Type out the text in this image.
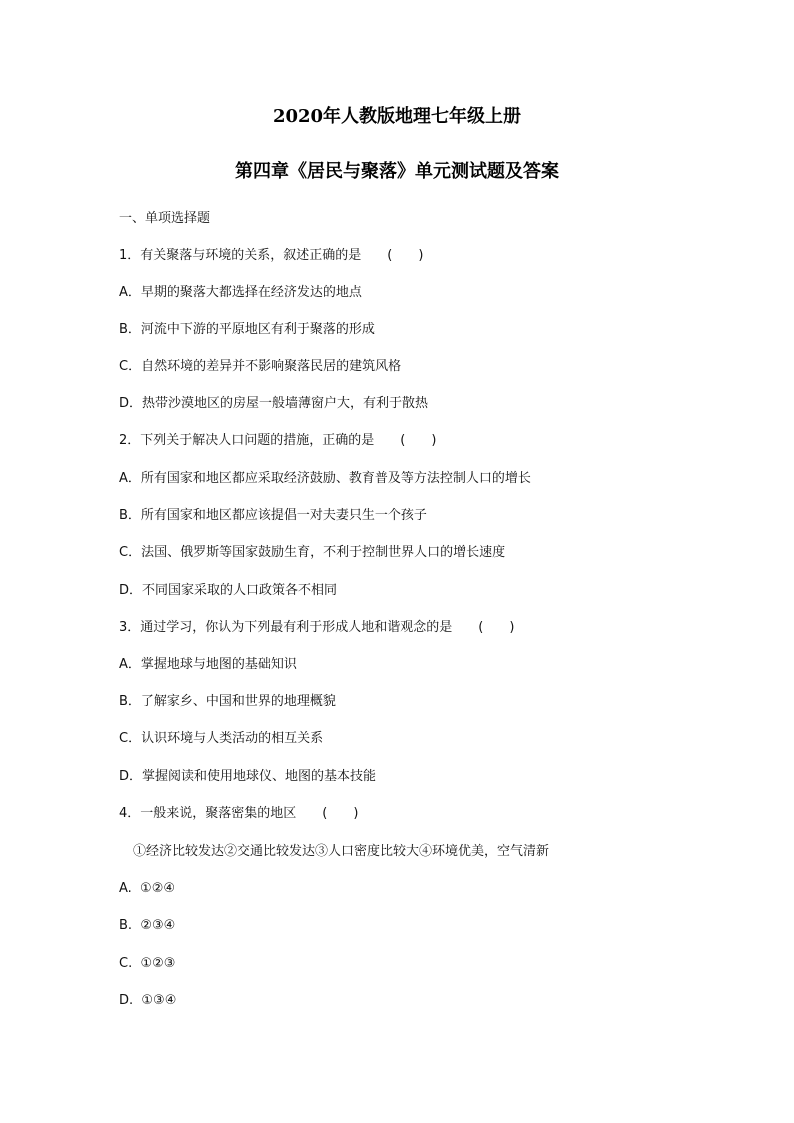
2020年人教版地理七年级上册
第四章《居民与聚落》单元测试题及答案
一、单项选择题
1．有关聚落与环境的关系，叙述正确的是　　(　　)
A．早期的聚落大都选择在经济发达的地点
B．河流中下游的平原地区有利于聚落的形成
C．自然环境的差异并不影响聚落民居的建筑风格
D．热带沙漠地区的房屋一般墙薄窗户大，有利于散热
2．下列关于解决人口问题的措施，正确的是　　(　　)
A．所有国家和地区都应采取经济鼓励、教育普及等方法控制人口的增长
B．所有国家和地区都应该提倡一对夫妻只生一个孩子
C．法国、俄罗斯等国家鼓励生育，不利于控制世界人口的增长速度
D．不同国家采取的人口政策各不相同
3．通过学习，你认为下列最有利于形成人地和谐观念的是　　(　　)
A．掌握地球与地图的基础知识
B．了解家乡、中国和世界的地理概貌
C．认识环境与人类活动的相互关系
D．掌握阅读和使用地球仪、地图的基本技能
4．一般来说，聚落密集的地区　　(　　)
①经济比较发达②交通比较发达③人口密度比较大④环境优美，空气清新
A.  ①②④
B.  ②③④
C.  ①②③
D.  ①③④
